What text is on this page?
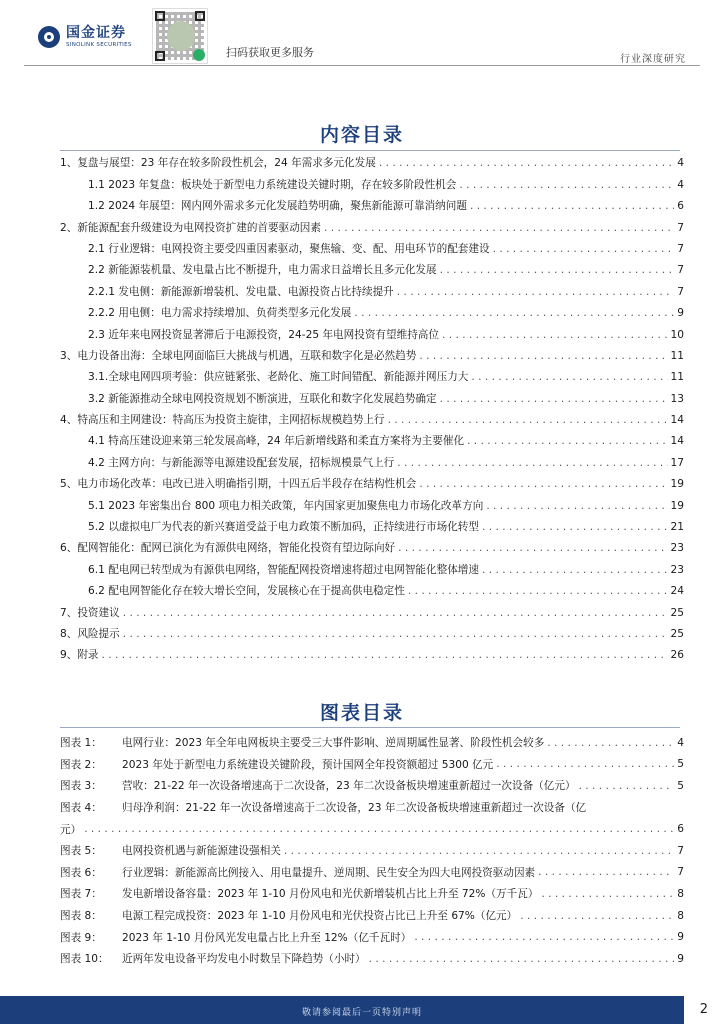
国金证券
SINOLINK SECURITIES
扫码获取更多服务
行业深度研究
内容目录
1、复盘与展望：23 年存在较多阶段性机会，24 年需求多元化发展 . . .	4
1.1 2023 年复盘：板块处于新型电力系统建设关键时期，存在较多阶段性机会 . . .	4
1.2 2024 年展望：网内网外需求多元化发展趋势明确，聚焦新能源可靠消纳问题 . . .	6
2、新能源配套升级建设为电网投资扩建的首要驱动因素 . . .	7
2.1 行业逻辑：电网投资主要受四重因素驱动，聚焦输、变、配、用电环节的配套建设 . . .	7
2.2 新能源装机量、发电量占比不断提升，电力需求日益增长且多元化发展 . . .	7
2.2.1 发电侧：新能源新增装机、发电量、电源投资占比持续提升 . . .	7
2.2.2 用电侧：电力需求持续增加、负荷类型多元化发展 . . .	9
2.3 近年来电网投资显著滞后于电源投资，24-25 年电网投资有望维持高位 . . .	10
3、电力设备出海：全球电网面临巨大挑战与机遇，互联和数字化是必然趋势 . . .	11
3.1.全球电网四项考验：供应链紧张、老龄化、施工时间错配、新能源并网压力大 . . .	11
3.2 新能源推动全球电网投资规划不断演进，互联化和数字化发展趋势确定 . . .	13
4、特高压和主网建设：特高压为投资主旋律，主网招标规模趋势上行 . . .	14
4.1 特高压建设迎来第三轮发展高峰，24 年后新增线路和柔直方案将为主要催化 . . .	14
4.2 主网方向：与新能源等电源建设配套发展，招标规模景气上行 . . .	17
5、电力市场化改革：电改已进入明确指引期，十四五后半段存在结构性机会 . . .	19
5.1 2023 年密集出台 800 项电力相关政策，年内国家更加聚焦电力市场化改革方向 . . .	19
5.2 以虚拟电厂为代表的新兴赛道受益于电力政策不断加码，正持续进行市场化转型 . . .	21
6、配网智能化：配网已演化为有源供电网络，智能化投资有望边际向好 . . .	23
6.1 配电网已转型成为有源供电网络，智能配网投资增速将超过电网智能化整体增速 . . .	23
6.2 配电网智能化存在较大增长空间，发展核心在于提高供电稳定性 . . .	24
7、投资建议 . . .	25
8、风险提示 . . .	25
9、附录 . . .	26
图表目录
图表 1：	电网行业：2023 年全年电网板块主要受三大事件影响、逆周期属性显著、阶段性机会较多 . . .	4
图表 2：	2023 年处于新型电力系统建设关键阶段，预计国网全年投资额超过 5300 亿元 . . .	5
图表 3：	营收：21-22 年一次设备增速高于二次设备，23 年二次设备板块增速重新超过一次设备（亿元） . . .	5
图表 4：	归母净利润：21-22 年一次设备增速高于二次设备，23 年二次设备板块增速重新超过一次设备（亿
元） . . .	6
图表 5：	电网投资机遇与新能源建设强相关 . . .	7
图表 6：	行业逻辑：新能源高比例接入、用电量提升、逆周期、民生安全为四大电网投资驱动因素 . . .	7
图表 7：	发电新增设备容量：2023 年 1-10 月份风电和光伏新增装机占比上升至 72%（万千瓦） . . .	8
图表 8：	电源工程完成投资：2023 年 1-10 月份风电和光伏投资占比已上升至 67%（亿元） . . .	8
图表 9：	2023 年 1-10 月份风光发电量占比上升至 12%（亿千瓦时） . . .	9
图表 10：	近两年发电设备平均发电小时数呈下降趋势（小时） . . .	9
敬请参阅最后一页特别声明	2
